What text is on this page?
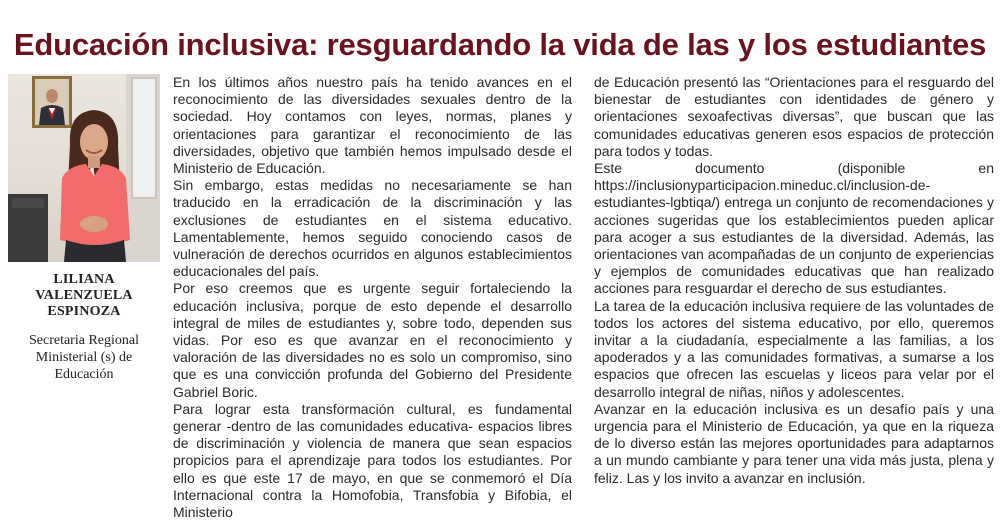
Educación inclusiva: resguardando la vida de las y los estudiantes
LILIANA VALENZUELA ESPINOZA
Secretaria Regional Ministerial (s) de Educación

En los últimos años nuestro país ha tenido avances en el reconocimiento de las diversidades sexuales dentro de la sociedad. Hoy contamos con leyes, normas, planes y orientaciones para garantizar el reconocimiento de las diversidades, objetivo que también hemos impulsado desde el Ministerio de Educación.

Sin embargo, estas medidas no necesariamente se han traducido en la erradicación de la discriminación y las exclusiones de estudiantes en el sistema educativo. Lamentablemente, hemos seguido conociendo casos de vulneración de derechos ocurridos en algunos establecimientos educacionales del país.

Por eso creemos que es urgente seguir fortaleciendo la educación inclusiva, porque de esto depende el desarrollo integral de miles de estudiantes y, sobre todo, dependen sus vidas. Por eso es que avanzar en el reconocimiento y valoración de las diversidades no es solo un compromiso, sino que es una convicción profunda del Gobierno del Presidente Gabriel Boric.

Para lograr esta transformación cultural, es fundamental generar -dentro de las comunidades educativa- espacios libres de discriminación y violencia de manera que sean espacios propicios para el aprendizaje para todos los estudiantes. Por ello es que este 17 de mayo, en que se conmemoró el Día Internacional contra la Homofobia, Transfobia y Bifobia, el Ministerio

de Educación presentó las “Orientaciones para el resguardo del bienestar de estudiantes con identidades de género y orientaciones sexoafectivas diversas”, que buscan que las comunidades educativas generen esos espacios de protección para todos y todas.

Este documento (disponible en https://inclusionyparticipacion.mineduc.​cl/inclusion-de-estudiantes-lgbtiqa/) entrega un conjunto de recomendaciones y acciones sugeridas que los establecimientos pueden aplicar para acoger a sus estudiantes de la diversidad. Además, las orientaciones van acompañadas de un conjunto de experiencias y ejemplos de comunidades educativas que han realizado acciones para resguardar el derecho de sus estudiantes.

La tarea de la educación inclusiva requiere de las voluntades de todos los actores del sistema educativo, por ello, queremos invitar a la ciudadanía, especialmente a las familias, a los apoderados y a las comunidades formativas, a sumarse a los espacios que ofrecen las escuelas y liceos para velar por el desarrollo integral de niñas, niños y adolescentes.

Avanzar en la educación inclusiva es un desafío país y una urgencia para el Ministerio de Educación, ya que en la riqueza de lo diverso están las mejores oportunidades para adaptarnos a un mundo cambiante y para tener una vida más justa, plena y feliz. Las y los invito a avanzar en inclusión.
